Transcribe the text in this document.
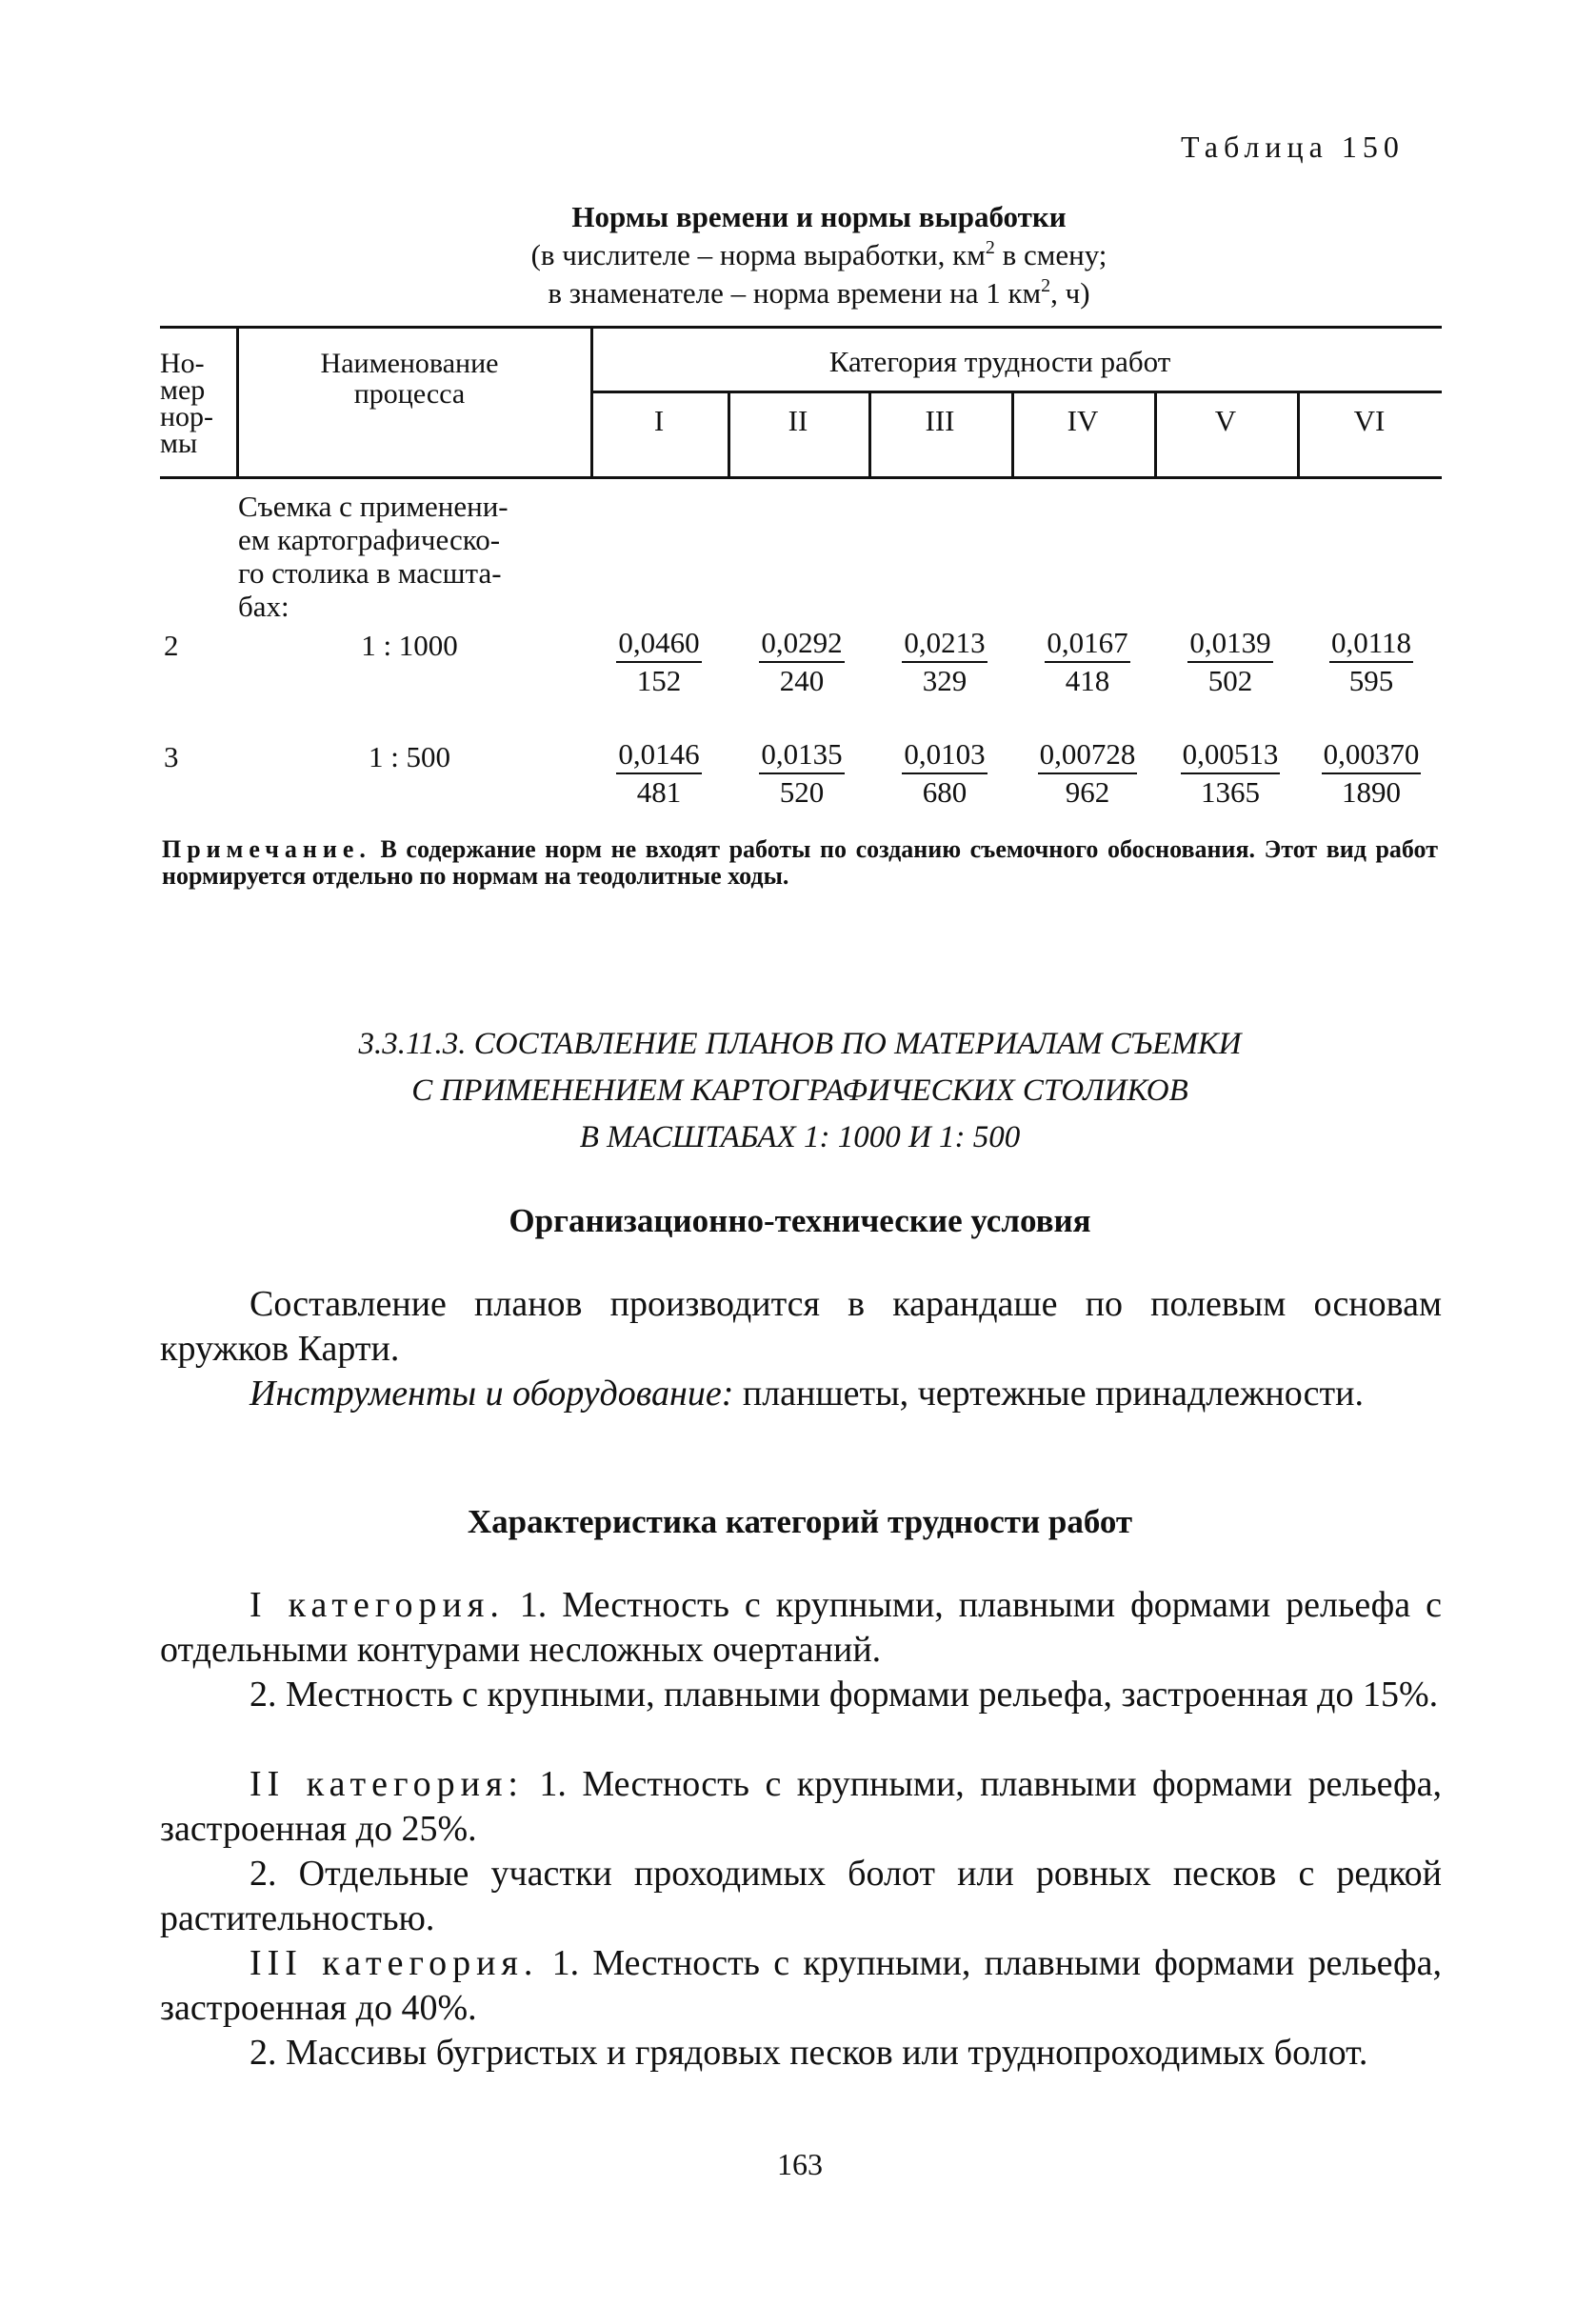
Таблица 150
Нормы времени и нормы выработки
(в числителе – норма выработки, $км^2$ в смену;
в знаменателе – норма времени на 1 $км^2$, ч)
Но-
мер
нор-
мы
Наименование
процесса
Категория трудности работ
I	II	III	IV	V	VI
Съемка с применени-
ем картографическо-
го столика в масшта-
бах:
2	1 : 1000	$\frac{0,0460}{152} \frac{0,0292}{240} \frac{0,0213}{329} \frac{0,0167}{418} \frac{0,0139}{502} \frac{0,0118}{595}$
3	1 : 500	$\frac{0,0146}{481} \frac{0,0135}{520} \frac{0,0103}{680} \frac{0,00728}{962} \frac{0,00513}{1365} \frac{0,00370}{1890}$
Примечание. В содержание норм не входят работы по созданию съемочного обоснования. Этот вид работ нормируется отдельно по нормам на теодолитные ходы.
3.3.11.3. СОСТАВЛЕНИЕ ПЛАНОВ ПО МАТЕРИАЛАМ СЪЕМКИ
С ПРИМЕНЕНИЕМ КАРТОГРАФИЧЕСКИХ СТОЛИКОВ
В МАСШТАБАХ 1: 1000 И 1: 500
Организационно-технические условия
Составление планов производится в карандаше по полевым основам кружков Карти.
Инструменты и оборудование: планшеты, чертежные принадлежности.
Характеристика категорий трудности работ
I категория. 1. Местность с крупными, плавными формами рельефа с отдельными контурами несложных очертаний.
2. Местность с крупными, плавными формами рельефа, застроенная до 15%.
II категория: 1. Местность с крупными, плавными формами рельефа, застроенная до 25%.
2. Отдельные участки проходимых болот или ровных песков с редкой растительностью.
III категория. 1. Местность с крупными, плавными формами рельефа, застроенная до 40%.
2. Массивы бугристых и грядовых песков или труднопроходимых болот.
163
